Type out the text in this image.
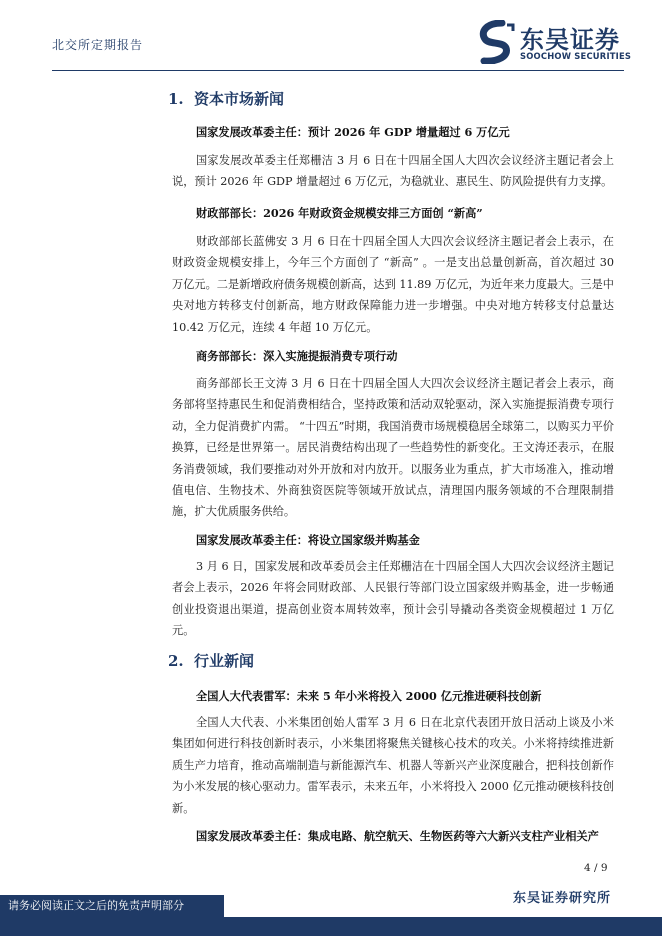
北交所定期报告	东吴证券
SOOCHOW SECURITIES
1. 资本市场新闻
国家发展改革委主任：预计 2026 年 GDP 增量超过 6 万亿元

国家发展改革委主任郑栅洁 3 月 6 日在十四届全国人大四次会议经济主题记者会上说，预计 2026 年 GDP 增量超过 6 万亿元，为稳就业、惠民生、防风险提供有力支撑。

财政部部长：2026 年财政资金规模安排三方面创 “新高”

财政部部长蓝佛安 3 月 6 日在十四届全国人大四次会议经济主题记者会上表示，在财政资金规模安排上，今年三个方面创了 “新高” 。一是支出总量创新高，首次超过 30 万亿元。二是新增政府债务规模创新高，达到 11.89 万亿元，为近年来力度最大。三是中央对地方转移支付创新高，地方财政保障能力进一步增强。中央对地方转移支付总量达 10.42 万亿元，连续 4 年超 10 万亿元。

商务部部长：深入实施提振消费专项行动

商务部部长王文涛 3 月 6 日在十四届全国人大四次会议经济主题记者会上表示，商务部将坚持惠民生和促消费相结合，坚持政策和活动双轮驱动，深入实施提振消费专项行动，全力促消费扩内需。 “十四五”时期，我国消费市场规模稳居全球第二，以购买力平价换算，已经是世界第一。居民消费结构出现了一些趋势性的新变化。王文涛还表示，在服务消费领域，我们要推动对外开放和对内放开。以服务业为重点，扩大市场准入，推动增值电信、生物技术、外商独资医院等领域开放试点，清理国内服务领域的不合理限制措施，扩大优质服务供给。

国家发展改革委主任：将设立国家级并购基金

3 月 6 日，国家发展和改革委员会主任郑栅洁在十四届全国人大四次会议经济主题记者会上表示，2026 年将会同财政部、人民银行等部门设立国家级并购基金，进一步畅通创业投资退出渠道，提高创业资本周转效率，预计会引导撬动各类资金规模超过 1 万亿元。

2. 行业新闻
全国人大代表雷军：未来 5 年小米将投入 2000 亿元推进硬科技创新

全国人大代表、小米集团创始人雷军 3 月 6 日在北京代表团开放日活动上谈及小米集团如何进行科技创新时表示，小米集团将聚焦关键核心技术的攻关。小米将持续推进新质生产力培育，推动高端制造与新能源汽车、机器人等新兴产业深度融合，把科技创新作为小米发展的核心驱动力。雷军表示，未来五年，小米将投入 2000 亿元推动硬核科技创新。

国家发展改革委主任：集成电路、航空航天、生物医药等六大新兴支柱产业相关产
4 / 9
东吴证券研究所
请务必阅读正文之后的免责声明部分
